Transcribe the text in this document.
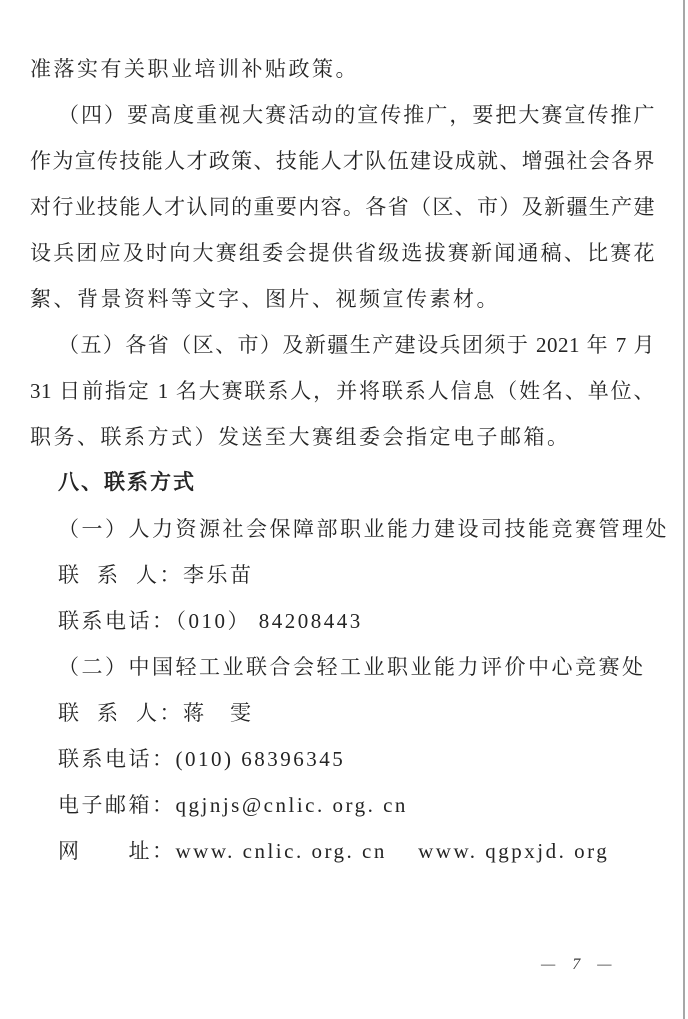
准落实有关职业培训补贴政策。
（四）要高度重视大赛活动的宣传推广，要把大赛宣传推广
作为宣传技能人才政策、技能人才队伍建设成就、增强社会各界
对行业技能人才认同的重要内容。各省（区、市）及新疆生产建
设兵团应及时向大赛组委会提供省级选拔赛新闻通稿、比赛花
絮、背景资料等文字、图片、视频宣传素材。
（五）各省（区、市）及新疆生产建设兵团须于 2021 年 7 月
31 日前指定 1 名大赛联系人，并将联系人信息（姓名、单位、
职务、联系方式）发送至大赛组委会指定电子邮箱。
八、联系方式
（一）人力资源社会保障部职业能力建设司技能竞赛管理处
联  系  人：李乐苗
联系电话：（010） 84208443
（二）中国轻工业联合会轻工业职业能力评价中心竞赛处
联  系  人：蒋　雯
联系电话：(010) 68396345
电子邮箱：qgjnjs@cnlic. org. cn
网　　址：www. cnlic. org. cn　 www. qgpxjd. org
— 7 —
